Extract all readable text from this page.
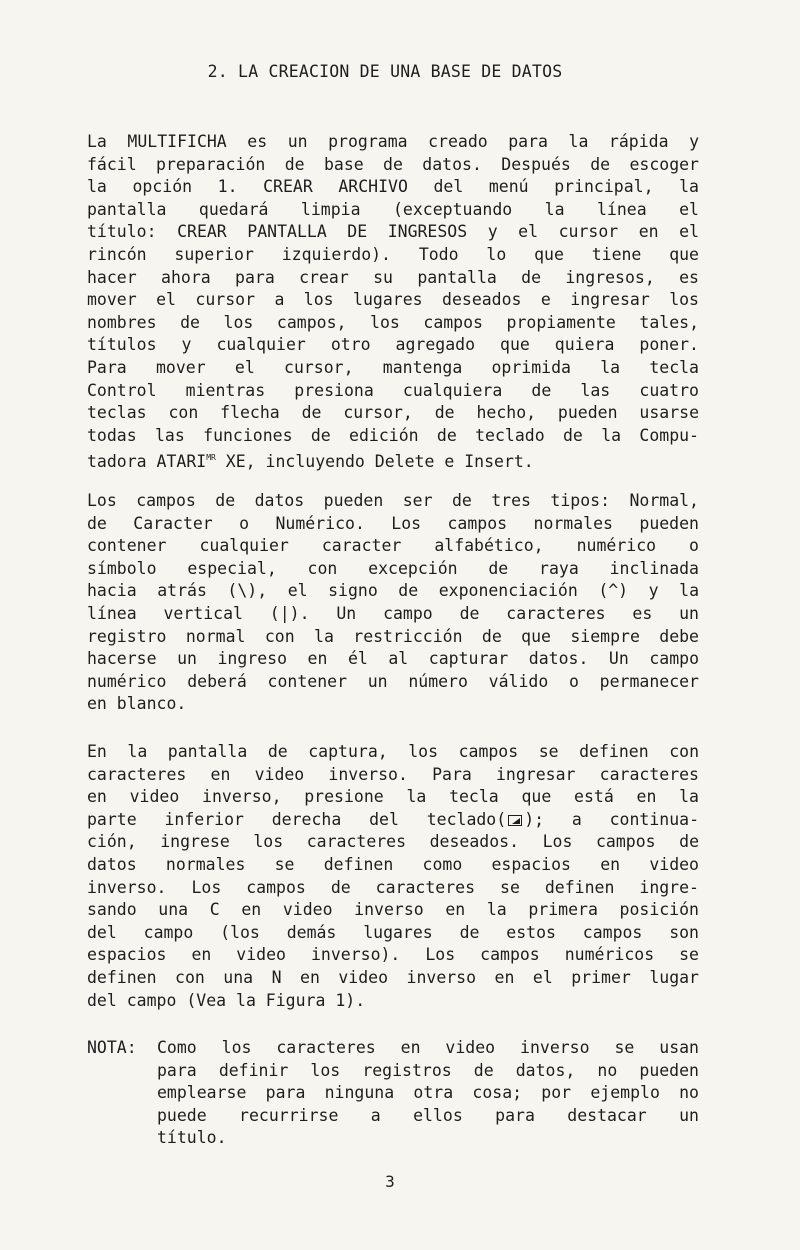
2. LA CREACION DE UNA BASE DE DATOS
La MULTIFICHA es un programa creado para la rápida y
fácil preparación de base de datos. Después de escoger
la opción 1. CREAR ARCHIVO del menú principal, la
pantalla quedará limpia (exceptuando la línea el
título: CREAR PANTALLA DE INGRESOS y el cursor en el
rincón superior izquierdo). Todo lo que tiene que
hacer ahora para crear su pantalla de ingresos, es
mover el cursor a los lugares deseados e ingresar los
nombres de los campos, los campos propiamente tales,
títulos y cualquier otro agregado que quiera poner.
Para mover el cursor, mantenga oprimida la tecla
Control mientras presiona cualquiera de las cuatro
teclas con flecha de cursor, de hecho, pueden usarse
todas las funciones de edición de teclado de la Compu-
tadora $ATARI^{MR}$ XE, incluyendo Delete e Insert.
Los campos de datos pueden ser de tres tipos: Normal,
de Caracter o Numérico. Los campos normales pueden
contener cualquier caracter alfabético, numérico o
símbolo especial, con excepción de raya inclinada
hacia atrás (\), el signo de exponenciación (^) y la
línea vertical (|). Un campo de caracteres es un
registro normal con la restricción de que siempre debe
hacerse un ingreso en él al capturar datos. Un campo
numérico deberá contener un número válido o permanecer
en blanco.
En la pantalla de captura, los campos se definen con
caracteres en video inverso. Para ingresar caracteres
en video inverso, presione la tecla que está en la
parte inferior derecha del teclado( ); a continua-
ción, ingrese los caracteres deseados. Los campos de
datos normales se definen como espacios en video
inverso. Los campos de caracteres se definen ingre-
sando una C en video inverso en la primera posición
del campo (los demás lugares de estos campos son
espacios en video inverso). Los campos numéricos se
definen con una N en video inverso en el primer lugar
del campo (Vea la Figura 1).
NOTA: Como los caracteres en video inverso se usan
para definir los registros de datos, no pueden
emplearse para ninguna otra cosa; por ejemplo no
puede recurrirse a ellos para destacar un
título.
3
